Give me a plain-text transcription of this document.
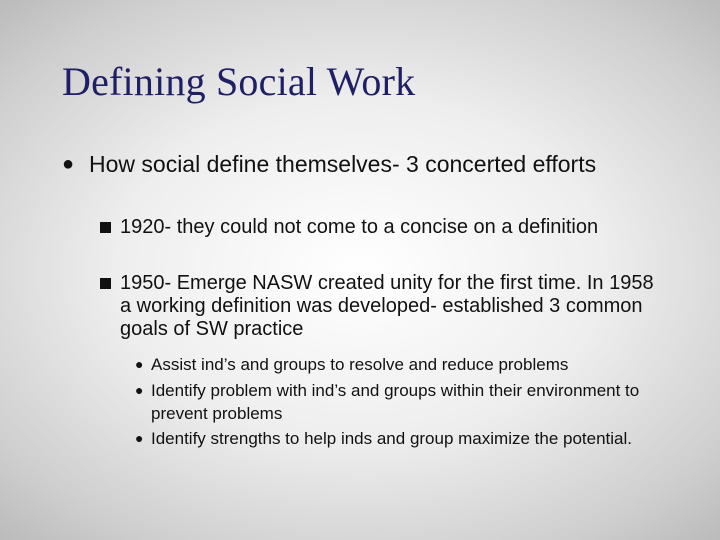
Defining Social Work
● How social define themselves- 3 concerted efforts
1920- they could not come to a concise on a definition
1950- Emerge NASW created unity for the first time. In 1958 a working definition was developed- established 3 common goals of SW practice
● Assist ind’s and groups to resolve and reduce problems
● Identify problem with ind’s and groups within their environment to prevent problems
● Identify strengths to help inds and group maximize the potential.
